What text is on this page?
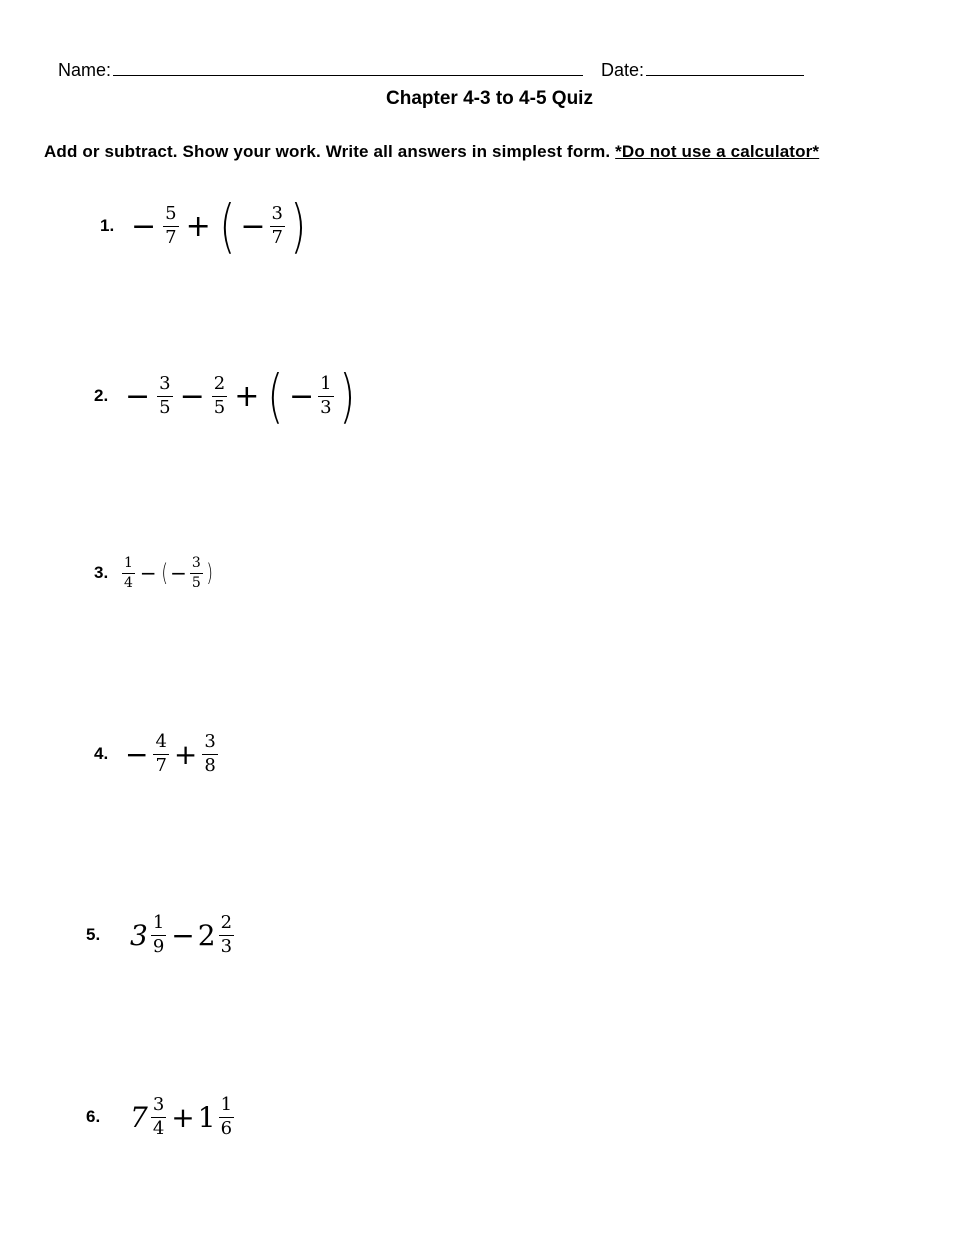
Name:	Date:
Chapter 4-3 to 4-5 Quiz
Add or subtract. Show your work. Write all answers in simplest form. *Do not use a calculator*
1. − $\frac{5}{7}$ + ( − $\frac{3}{7}$ )
2. − $\frac{3}{5} - \frac{2}{5}$ + ( − $\frac{1}{3}$ )
3. $\frac{1}{4}$ − ( − $\frac{3}{5}$ )
4. − $\frac{4}{7} + \frac{3}{8}$
5.	$3 \frac{1}{9} - 2 \frac{2}{3}$
6.	$7 \frac{3}{4} + 1 \frac{1}{6}$
